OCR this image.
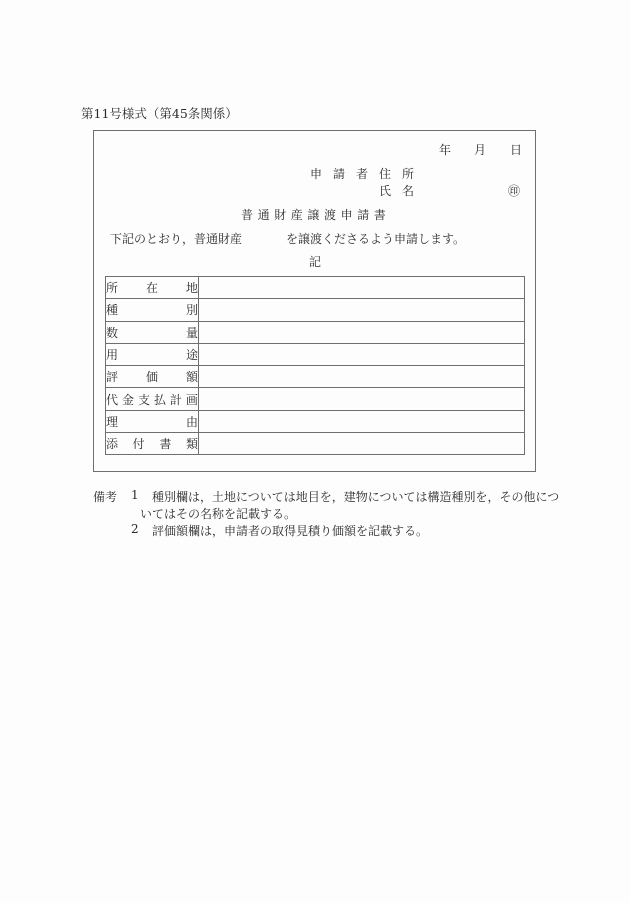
第11号様式（第45条関係）
年 月 日
申 請 者 住 所
氏 名	㊞
普通財産譲渡申請書
下記のとおり，普通財産	を譲渡くださるよう申請します。
記
所 在 地	

種 別	

数 量	

用 途	

評 価 額	

代 金 支 払 計 画

理 由	

添 付 書 類	

備考 1 種別欄は，土地については地目を，建物については構造種別を，その他につ
いてはその名称を記載する。
2 評価額欄は，申請者の取得見積り価額を記載する。
